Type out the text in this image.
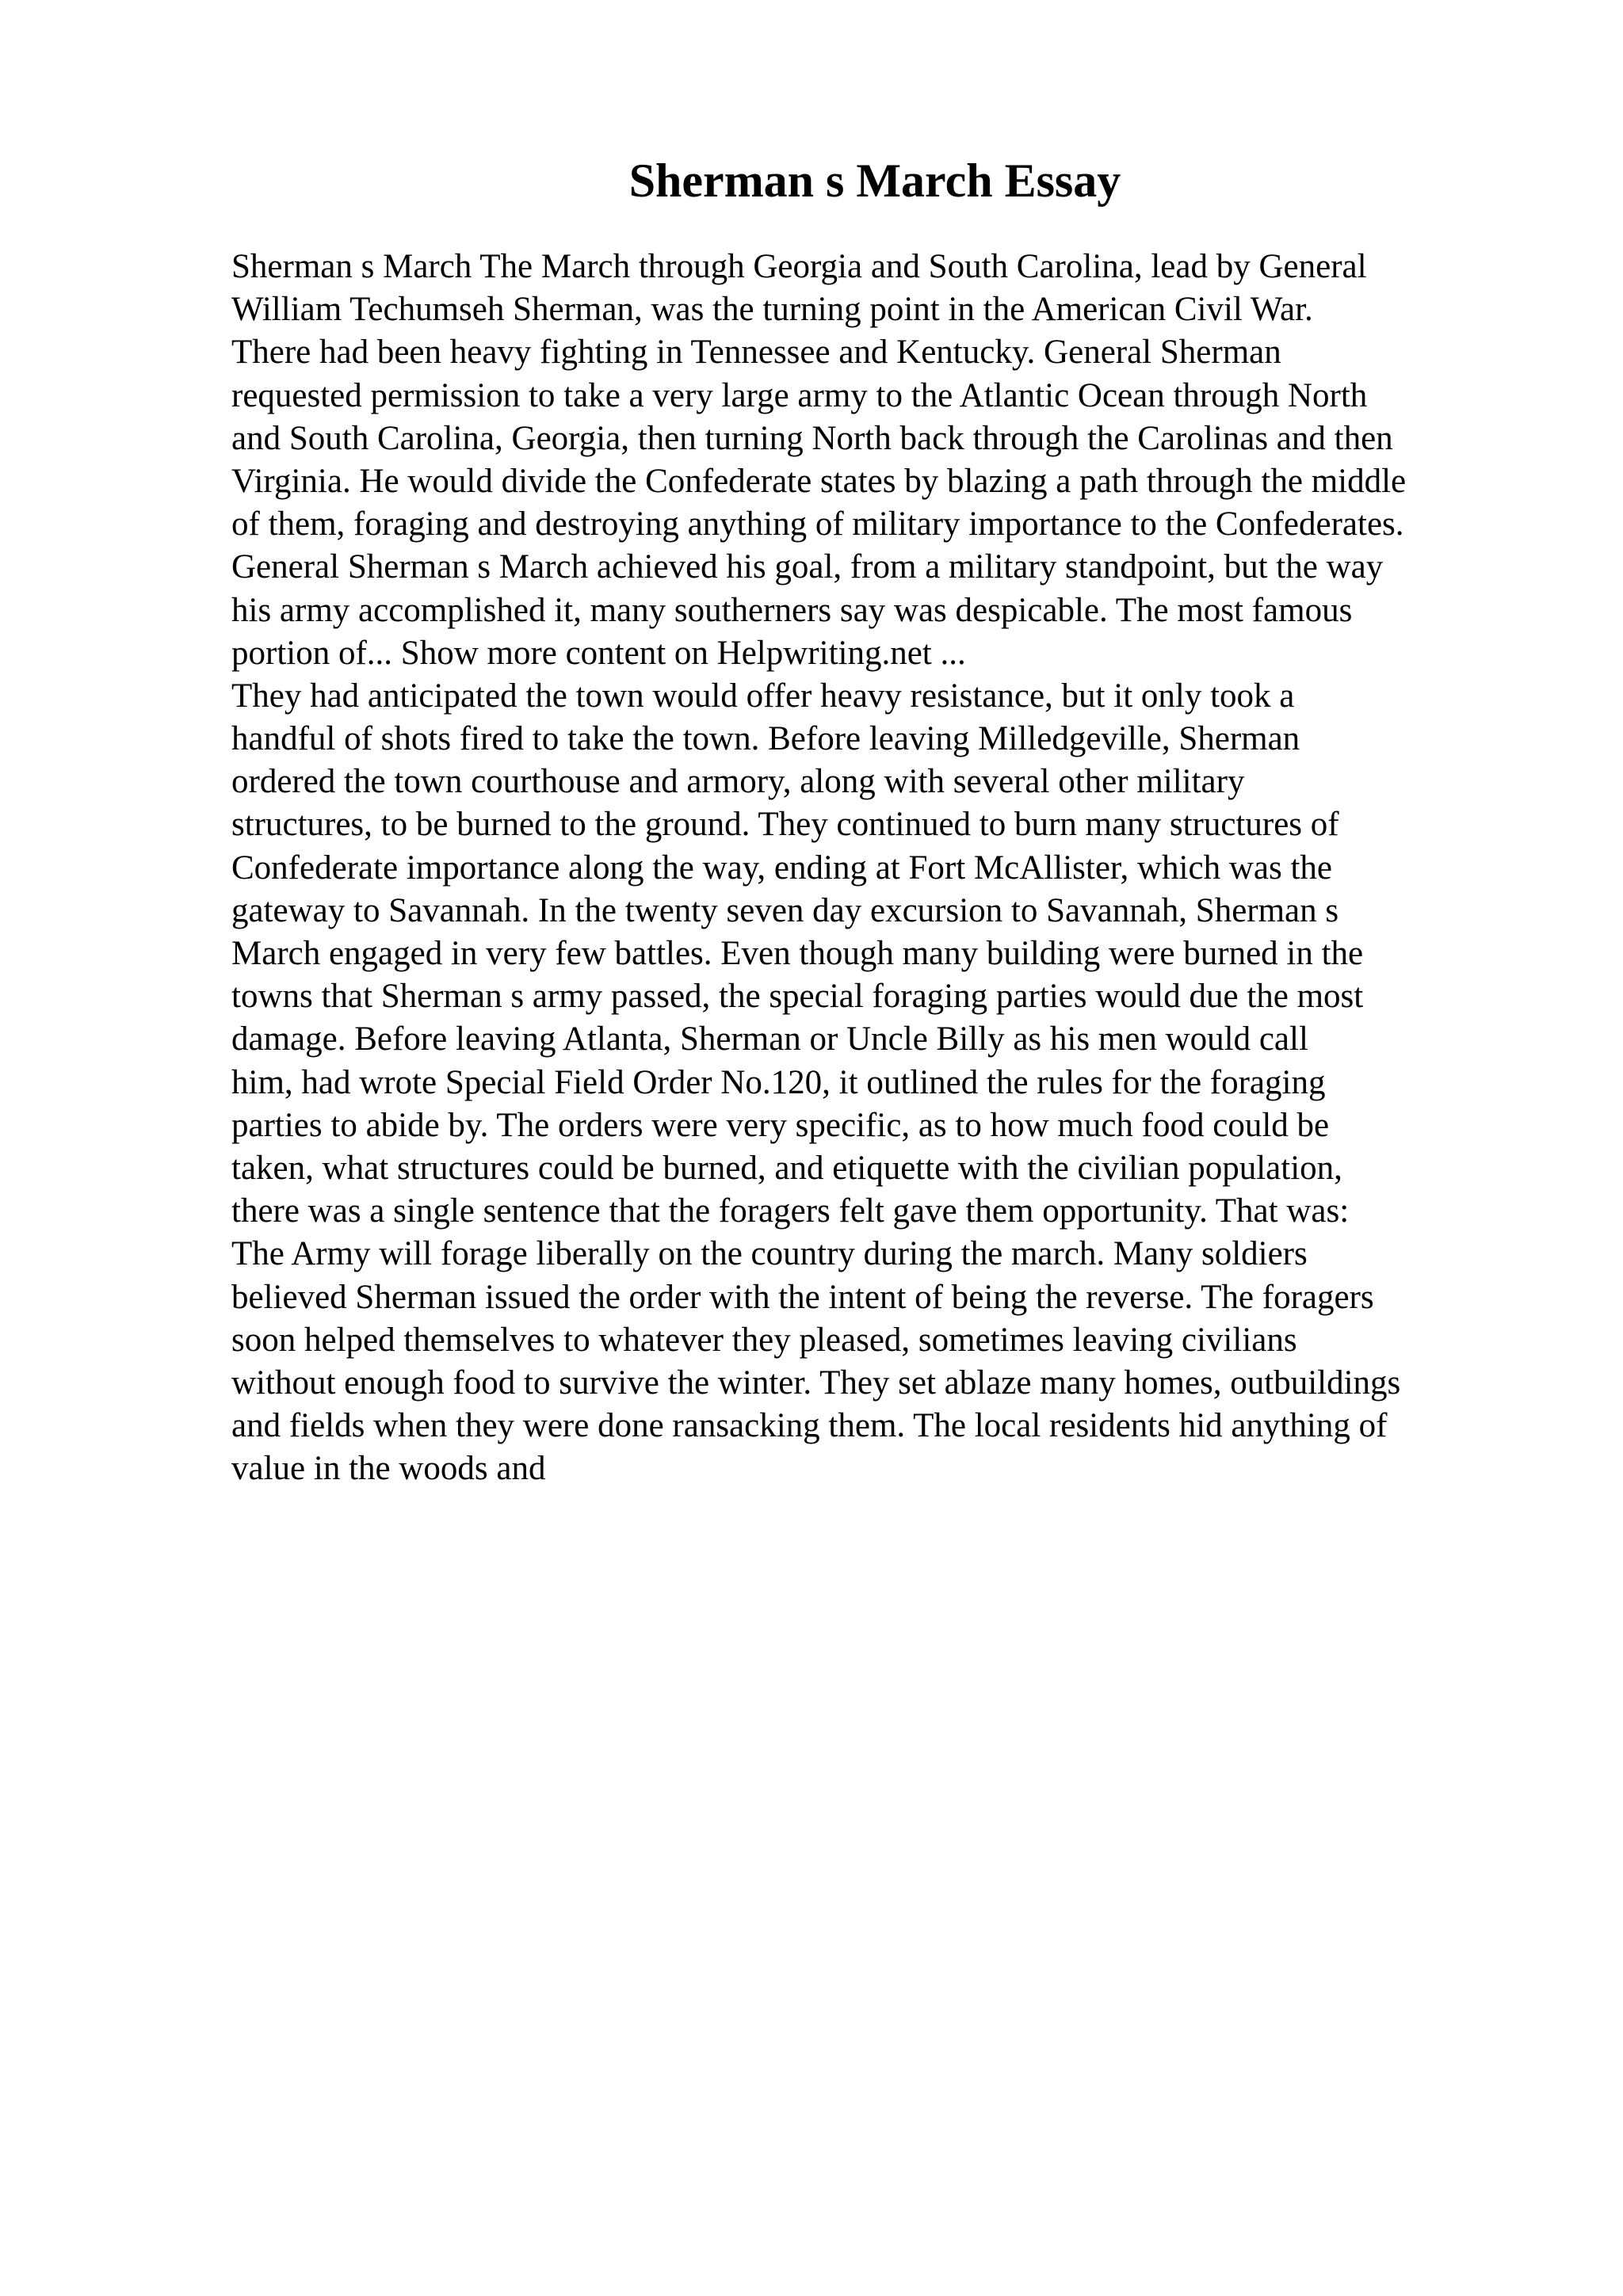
Sherman s March Essay
Sherman s March The March through Georgia and South Carolina, lead by General
William Techumseh Sherman, was the turning point in the American Civil War.
There had been heavy fighting in Tennessee and Kentucky. General Sherman
requested permission to take a very large army to the Atlantic Ocean through North
and South Carolina, Georgia, then turning North back through the Carolinas and then
Virginia. He would divide the Confederate states by blazing a path through the middle
of them, foraging and destroying anything of military importance to the Confederates.
General Sherman s March achieved his goal, from a military standpoint, but the way
his army accomplished it, many southerners say was despicable. The most famous
portion of... Show more content on Helpwriting.net ...
They had anticipated the town would offer heavy resistance, but it only took a
handful of shots fired to take the town. Before leaving Milledgeville, Sherman
ordered the town courthouse and armory, along with several other military
structures, to be burned to the ground. They continued to burn many structures of
Confederate importance along the way, ending at Fort McAllister, which was the
gateway to Savannah. In the twenty seven day excursion to Savannah, Sherman s
March engaged in very few battles. Even though many building were burned in the
towns that Sherman s army passed, the special foraging parties would due the most
damage. Before leaving Atlanta, Sherman or Uncle Billy as his men would call
him, had wrote Special Field Order No.120, it outlined the rules for the foraging
parties to abide by. The orders were very specific, as to how much food could be
taken, what structures could be burned, and etiquette with the civilian population,
there was a single sentence that the foragers felt gave them opportunity. That was:
The Army will forage liberally on the country during the march. Many soldiers
believed Sherman issued the order with the intent of being the reverse. The foragers
soon helped themselves to whatever they pleased, sometimes leaving civilians
without enough food to survive the winter. They set ablaze many homes, outbuildings
and fields when they were done ransacking them. The local residents hid anything of
value in the woods and
